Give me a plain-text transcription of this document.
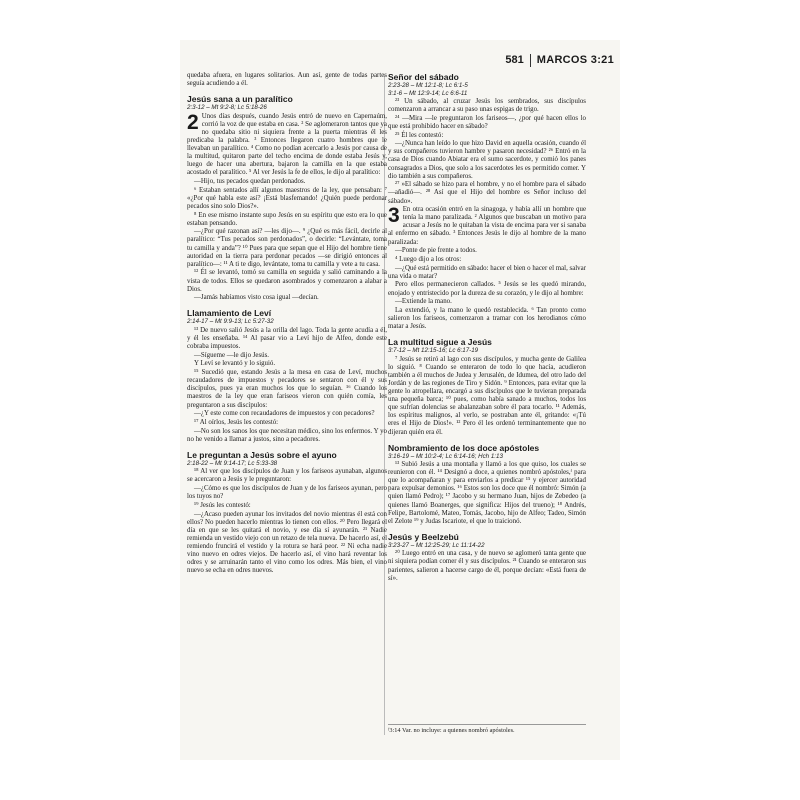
581	MARCOS 3:21

quedaba afuera, en lugares solitarios. Aun así, gente de todas partes seguía acudiendo a él.

Jesús sana a un paralítico
2:3-12 – Mt 9:2-8; Lc 5:18-26

2 Unos días después, cuando Jesús entró de nuevo en Capernaúm, corrió la voz de que estaba en casa. ² Se aglomeraron tantos que ya no quedaba sitio ni siquiera frente a la puerta mientras él les predicaba la palabra. ³ Entonces llegaron cuatro hombres que le llevaban un paralítico. ⁴ Como no podían acercarlo a Jesús por causa de la multitud, quitaron parte del techo encima de donde estaba Jesús y, luego de hacer una abertura, bajaron la camilla en la que estaba acostado el paralítico. ⁵ Al ver Jesús la fe de ellos, le dijo al paralítico:

—Hijo, tus pecados quedan perdonados.

⁶ Estaban sentados allí algunos maestros de la ley, que pensaban: ⁷ «¿Por qué habla este así? ¡Está blasfemando! ¿Quién puede perdonar pecados sino solo Dios?».

⁸ En ese mismo instante supo Jesús en su espíritu que esto era lo que estaban pensando.

—¿Por qué razonan así? —les dijo—. ⁹ ¿Qué es más fácil, decirle al paralítico: “Tus pecados son perdonados”, o decirle: “Levántate, toma tu camilla y anda”? ¹⁰ Pues para que sepan que el Hijo del hombre tiene autoridad en la tierra para perdonar pecados —se dirigió entonces al paralítico—: ¹¹ A ti te digo, levántate, toma tu camilla y vete a tu casa.

¹² Él se levantó, tomó su camilla en seguida y salió caminando a la vista de todos. Ellos se quedaron asombrados y comenzaron a alabar a Dios.

—Jamás habíamos visto cosa igual —decían.

Llamamiento de Leví
2:14-17 – Mt 9:9-13; Lc 5:27-32

¹³ De nuevo salió Jesús a la orilla del lago. Toda la gente acudía a él, y él les enseñaba. ¹⁴ Al pasar vio a Leví hijo de Alfeo, donde este cobraba impuestos.

—Sígueme —le dijo Jesús.

Y Leví se levantó y lo siguió.

¹⁵ Sucedió que, estando Jesús a la mesa en casa de Leví, muchos recaudadores de impuestos y pecadores se sentaron con él y sus discípulos, pues ya eran muchos los que lo seguían. ¹⁶ Cuando los maestros de la ley que eran fariseos vieron con quién comía, les preguntaron a sus discípulos:

—¿Y este come con recaudadores de impuestos y con pecadores?

¹⁷ Al oírlos, Jesús les contestó:

—No son los sanos los que necesitan médico, sino los enfermos. Y yo no he venido a llamar a justos, sino a pecadores.

Le preguntan a Jesús sobre el ayuno
2:18-22 – Mt 9:14-17; Lc 5:33-38

¹⁸ Al ver que los discípulos de Juan y los fariseos ayunaban, algunos se acercaron a Jesús y le preguntaron:

—¿Cómo es que los discípulos de Juan y de los fariseos ayunan, pero los tuyos no?

¹⁹ Jesús les contestó:

—¿Acaso pueden ayunar los invitados del novio mientras él está con ellos? No pueden hacerlo mientras lo tienen con ellos. ²⁰ Pero llegará el día en que se les quitará el novio, y ese día sí ayunarán. ²¹ Nadie remienda un vestido viejo con un retazo de tela nueva. De hacerlo así, el remiendo fruncirá el vestido y la rotura se hará peor. ²² Ni echa nadie vino nuevo en odres viejos. De hacerlo así, el vino hará reventar los odres y se arruinarán tanto el vino como los odres. Más bien, el vino nuevo se echa en odres nuevos.

Señor del sábado
2:23-28 – Mt 12:1-8; Lc 6:1-5
3:1-6 – Mt 12:9-14; Lc 6:6-11

²³ Un sábado, al cruzar Jesús los sembrados, sus discípulos comenzaron a arrancar a su paso unas espigas de trigo.

²⁴ —Mira —le preguntaron los fariseos—, ¿por qué hacen ellos lo que está prohibido hacer en sábado?

²⁵ Él les contestó:

—¿Nunca han leído lo que hizo David en aquella ocasión, cuando él y sus compañeros tuvieron hambre y pasaron necesidad? ²⁶ Entró en la casa de Dios cuando Abiatar era el sumo sacerdote, y comió los panes consagrados a Dios, que solo a los sacerdotes les es permitido comer. Y dio también a sus compañeros.

²⁷ »El sábado se hizo para el hombre, y no el hombre para el sábado —añadió—. ²⁸ Así que el Hijo del hombre es Señor incluso del sábado».

3 En otra ocasión entró en la sinagoga, y había allí un hombre que tenía la mano paralizada. ² Algunos que buscaban un motivo para acusar a Jesús no le quitaban la vista de encima para ver si sanaba al enfermo en sábado. ³ Entonces Jesús le dijo al hombre de la mano paralizada:

—Ponte de pie frente a todos.

⁴ Luego dijo a los otros:

—¿Qué está permitido en sábado: hacer el bien o hacer el mal, salvar una vida o matar?

Pero ellos permanecieron callados. ⁵ Jesús se les quedó mirando, enojado y entristecido por la dureza de su corazón, y le dijo al hombre:

—Extiende la mano.

La extendió, y la mano le quedó restablecida. ⁶ Tan pronto como salieron los fariseos, comenzaron a tramar con los herodianos cómo matar a Jesús.

La multitud sigue a Jesús
3:7-12 – Mt 12:15-16; Lc 6:17-19

⁷ Jesús se retiró al lago con sus discípulos, y mucha gente de Galilea lo siguió. ⁸ Cuando se enteraron de todo lo que hacía, acudieron también a él muchos de Judea y Jerusalén, de Idumea, del otro lado del Jordán y de las regiones de Tiro y Sidón. ⁹ Entonces, para evitar que la gente lo atropellara, encargó a sus discípulos que le tuvieran preparada una pequeña barca; ¹⁰ pues, como había sanado a muchos, todos los que sufrían dolencias se abalanzaban sobre él para tocarlo. ¹¹ Además, los espíritus malignos, al verlo, se postraban ante él, gritando: «¡Tú eres el Hijo de Dios!». ¹² Pero él les ordenó terminantemente que no dijeran quién era él.

Nombramiento de los doce apóstoles
3:16-19 – Mt 10:2-4; Lc 6:14-16; Hch 1:13

¹³ Subió Jesús a una montaña y llamó a los que quiso, los cuales se reunieron con él. ¹⁴ Designó a doce, a quienes nombró apóstoles,ᶠ para que lo acompañaran y para enviarlos a predicar ¹⁵ y ejercer autoridad para expulsar demonios. ¹⁶ Estos son los doce que él nombró: Simón (a quien llamó Pedro); ¹⁷ Jacobo y su hermano Juan, hijos de Zebedeo (a quienes llamó Boanerges, que significa: Hijos del trueno); ¹⁸ Andrés, Felipe, Bartolomé, Mateo, Tomás, Jacobo, hijo de Alfeo; Tadeo, Simón el Zelote ¹⁹ y Judas Iscariote, el que lo traicionó.

Jesús y Beelzebú
3:23-27 – Mt 12:25-29; Lc 11:14-22

²⁰ Luego entró en una casa, y de nuevo se aglomeró tanta gente que ni siquiera podían comer él y sus discípulos. ²¹ Cuando se enteraron sus parientes, salieron a hacerse cargo de él, porque decían: «Está fuera de sí».

ᶠ3:14 Var. no incluye: a quienes nombró apóstoles.
